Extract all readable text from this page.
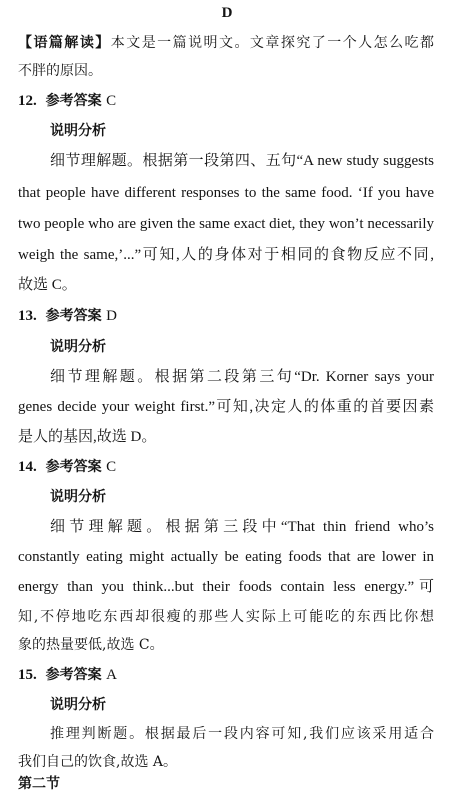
D
【语篇解读】本文是一篇说明文。文章探究了一个人怎么吃都
不胖的原因。
12. 参考答案 C
说明分析
细节理解题。根据第一段第四、五句“A new study suggests
that people have different responses to the same food. ‘If you have
two people who are given the same exact diet, they won’t necessarily
weigh the same,’...”可知,人的身体对于相同的食物反应不同,
故选 C。
13. 参考答案 D
说明分析
细节理解题。根据第二段第三句“Dr. Korner says your
genes decide your weight first.”可知,决定人的体重的首要因素
是人的基因,故选 D。
14. 参考答案 C
说明分析
细节理解题。根据第三段中“That thin friend who’s
constantly eating might actually be eating foods that are lower in
energy than you think...but their foods contain less energy.”可
知,不停地吃东西却很瘦的那些人实际上可能吃的东西比你想
象的热量要低,故选 C。
15. 参考答案 A
说明分析
推理判断题。根据最后一段内容可知,我们应该采用适合
我们自己的饮食,故选 A。
第二节
